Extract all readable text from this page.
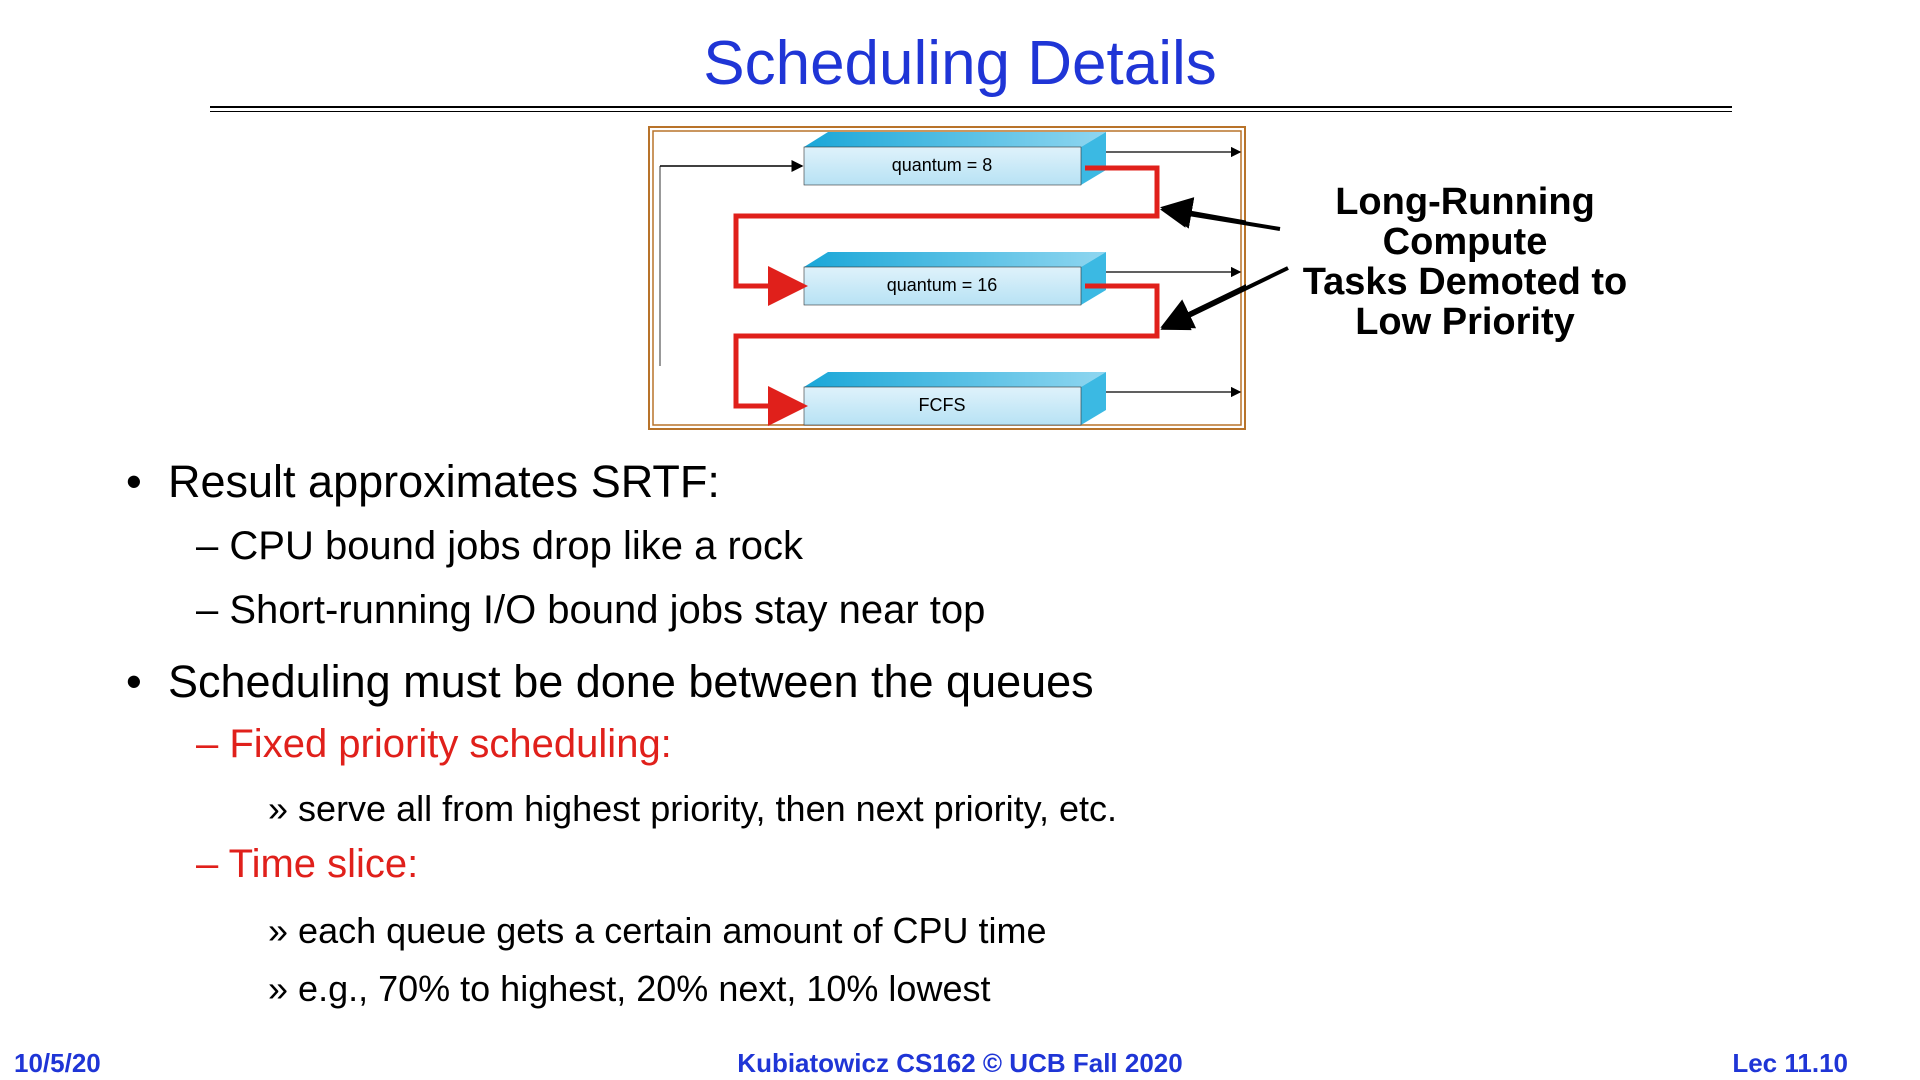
Scheduling Details
quantum = 8
quantum = 16
FCFS
Long-Running Compute
Tasks Demoted to
Low Priority
• Result approximates SRTF:
– CPU bound jobs drop like a rock
– Short-running I/O bound jobs stay near top
• Scheduling must be done between the queues
– Fixed priority scheduling:
» serve all from highest priority, then next priority, etc.
– Time slice:
» each queue gets a certain amount of CPU time
» e.g., 70% to highest, 20% next, 10% lowest
10/5/20	Kubiatowicz CS162 © UCB Fall 2020	Lec 11.10
